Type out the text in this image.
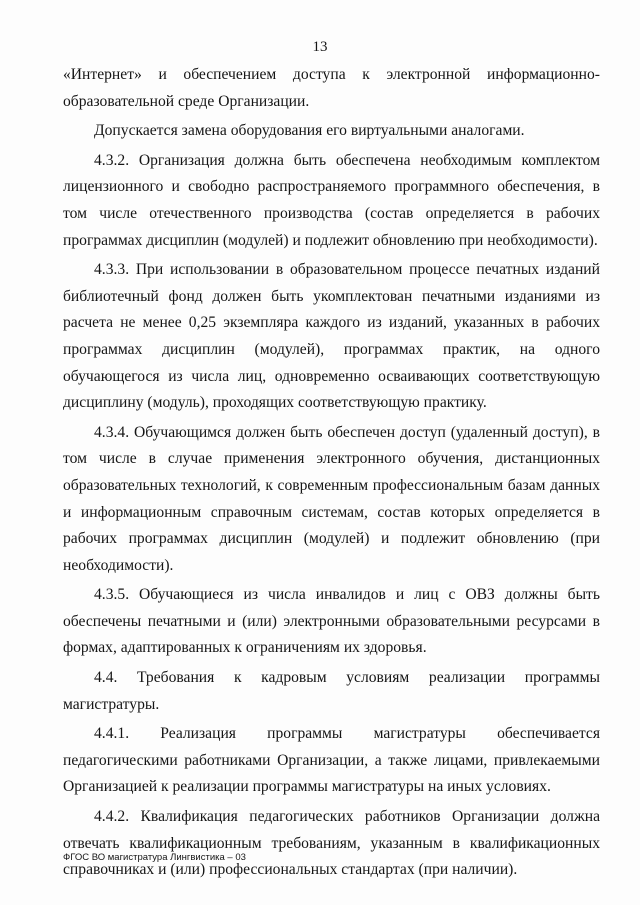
13

«Интернет» и обеспечением доступа к электронной информационно-образовательной среде Организации.

Допускается замена оборудования его виртуальными аналогами.

4.3.2. Организация должна быть обеспечена необходимым комплектом лицензионного и свободно распространяемого программного обеспечения, в том числе отечественного производства (состав определяется в рабочих программах дисциплин (модулей) и подлежит обновлению при необходимости).

4.3.3. При использовании в образовательном процессе печатных изданий библиотечный фонд должен быть укомплектован печатными изданиями из расчета не менее 0,25 экземпляра каждого из изданий, указанных в рабочих программах дисциплин (модулей), программах практик, на одного обучающегося из числа лиц, одновременно осваивающих соответствующую дисциплину (модуль), проходящих соответствующую практику.

4.3.4. Обучающимся должен быть обеспечен доступ (удаленный доступ), в том числе в случае применения электронного обучения, дистанционных образовательных технологий, к современным профессиональным базам данных и информационным справочным системам, состав которых определяется в рабочих программах дисциплин (модулей) и подлежит обновлению (при необходимости).

4.3.5. Обучающиеся из числа инвалидов и лиц с ОВЗ должны быть обеспечены печатными и (или) электронными образовательными ресурсами в формах, адаптированных к ограничениям их здоровья.

4.4. Требования к кадровым условиям реализации программы магистратуры.

4.4.1. Реализация программы магистратуры обеспечивается педагогическими работниками Организации, а также лицами, привлекаемыми Организацией к реализации программы магистратуры на иных условиях.

4.4.2. Квалификация педагогических работников Организации должна отвечать квалификационным требованиям, указанным в квалификационных справочниках и (или) профессиональных стандартах (при наличии).

ФГОС ВО магистратура Лингвистика – 03
